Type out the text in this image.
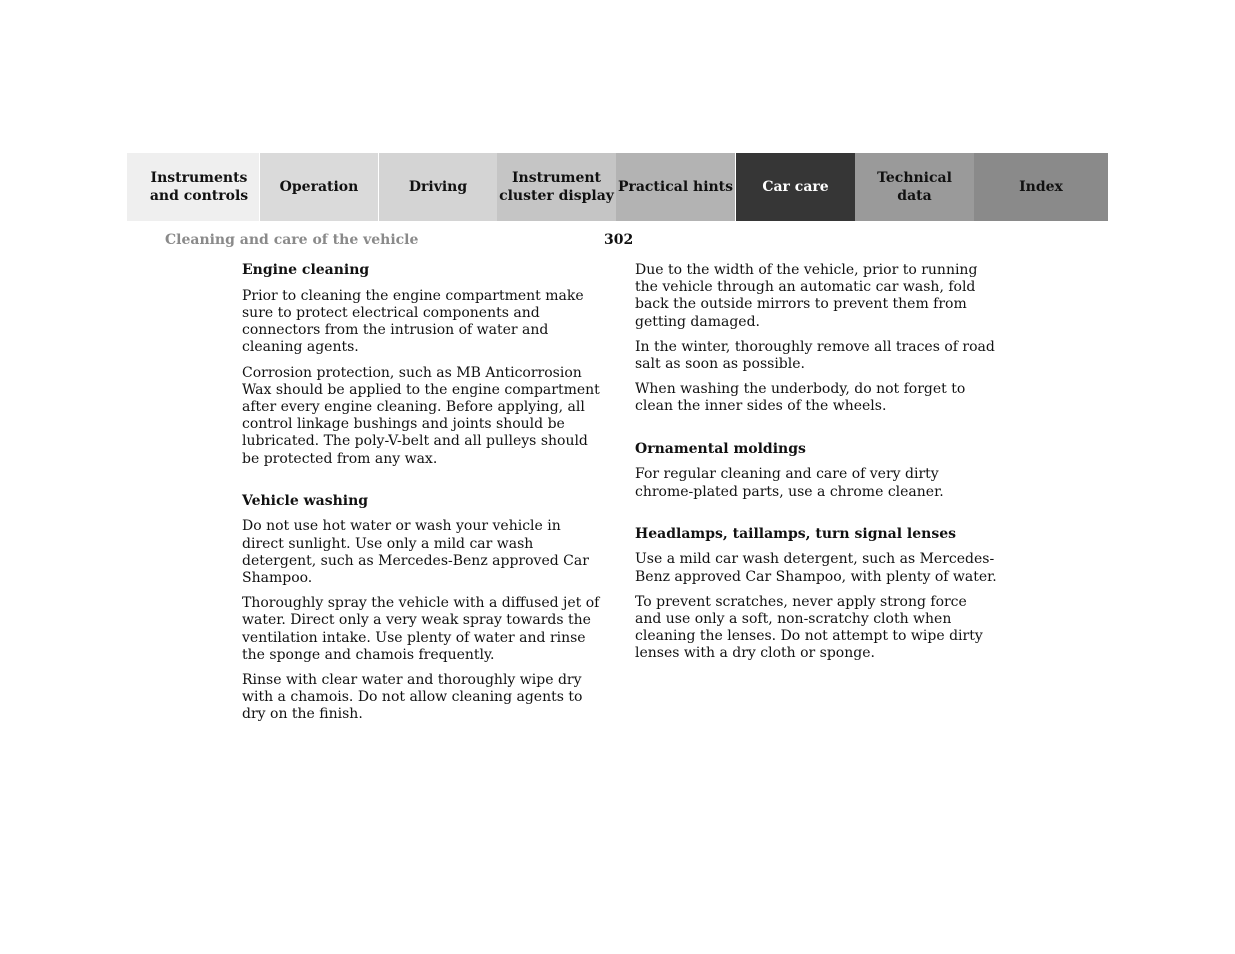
Instruments
and controls
Operation	Driving
Instrument
cluster display
Practical hints	Car care
Technical
data
Index

Cleaning and care of the vehicle	302

Engine cleaning

Prior to cleaning the engine compartment make sure to protect electrical components and connectors from the intrusion of water and cleaning agents.

Corrosion protection, such as MB Anticorrosion Wax should be applied to the engine compartment after every engine cleaning. Before applying, all control linkage bushings and joints should be lubricated. The poly-V-belt and all pulleys should be protected from any wax.

Vehicle washing

Do not use hot water or wash your vehicle in direct sunlight. Use only a mild car wash detergent, such as Mercedes-Benz approved Car Shampoo.

Thoroughly spray the vehicle with a diffused jet of water. Direct only a very weak spray towards the ventilation intake. Use plenty of water and rinse the sponge and chamois frequently.

Rinse with clear water and thoroughly wipe dry with a chamois. Do not allow cleaning agents to dry on the finish.

Due to the width of the vehicle, prior to running the vehicle through an automatic car wash, fold back the outside mirrors to prevent them from getting damaged.

In the winter, thoroughly remove all traces of road salt as soon as possible.

When washing the underbody, do not forget to clean the inner sides of the wheels.

Ornamental moldings

For regular cleaning and care of very dirty chrome-plated parts, use a chrome cleaner.

Headlamps, taillamps, turn signal lenses

Use a mild car wash detergent, such as Mercedes-Benz approved Car Shampoo, with plenty of water.

To prevent scratches, never apply strong force and use only a soft, non-scratchy cloth when cleaning the lenses. Do not attempt to wipe dirty lenses with a dry cloth or sponge.
